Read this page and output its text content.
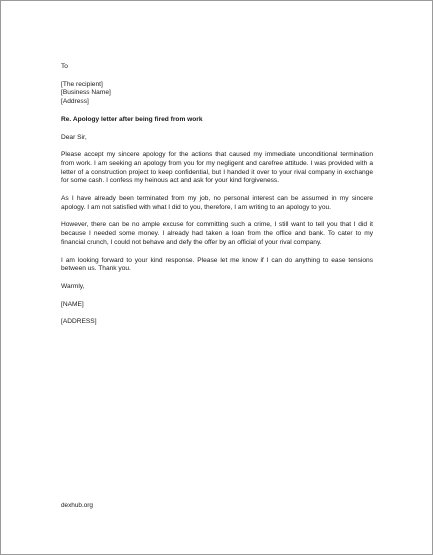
To
[The recipient]
[Business Name]
[Address]
Re. Apology letter after being fired from work
Dear Sir,

Please accept my sincere apology for the actions that caused my immediate unconditional termination from work. I am seeking an apology from you for my negligent and carefree attitude. I was provided with a letter of a construction project to keep confidential, but I handed it over to your rival company in exchange for some cash. I confess my heinous act and ask for your kind forgiveness.

As I have already been terminated from my job, no personal interest can be assumed in my sincere apology. I am not satisfied with what I did to you, therefore, I am writing to an apology to you.

However, there can be no ample excuse for committing such a crime, I still want to tell you that I did it because I needed some money. I already had taken a loan from the office and bank. To cater to my financial crunch, I could not behave and defy the offer by an official of your rival company.

I am looking forward to your kind response. Please let me know if I can do anything to ease tensions between us. Thank you.

Warmly,
[NAME]
[ADDRESS]
dexhub.org
